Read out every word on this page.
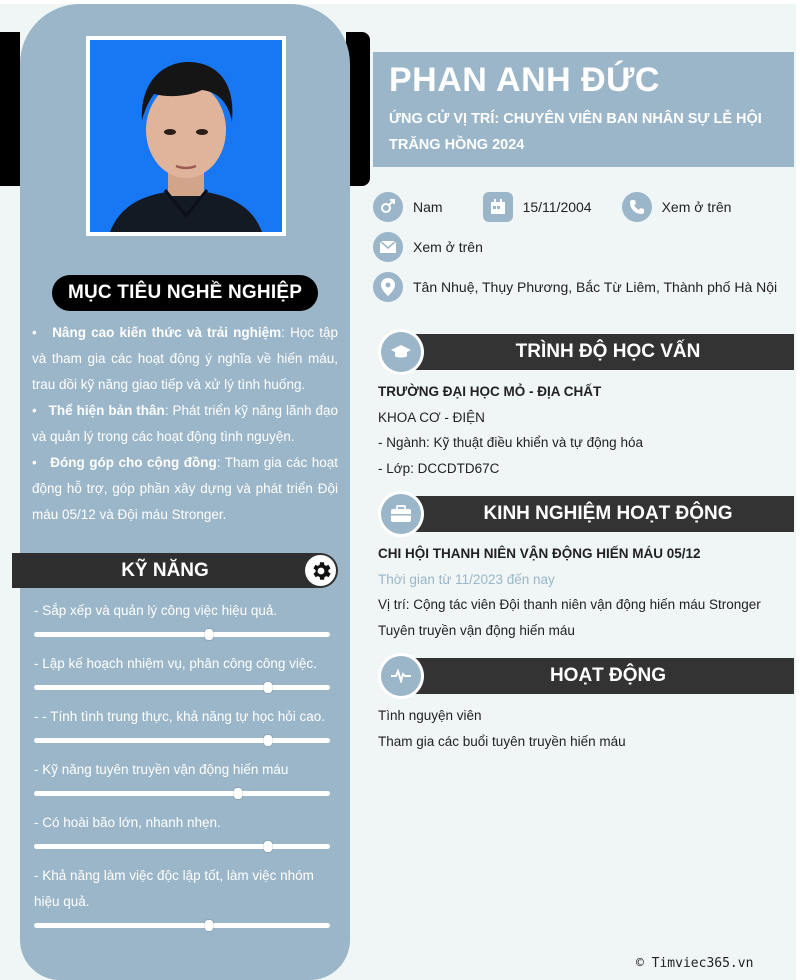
MỤC TIÊU NGHỀ NGHIỆP

•   Nâng cao kiến thức và trải nghiệm: Học tập và tham gia các hoạt động ý nghĩa về hiến máu, trau dồi kỹ năng giao tiếp và xử lý tình huống.

•   Thể hiện bản thân: Phát triển kỹ năng lãnh đạo và quản lý trong các hoạt động tình nguyện.

•   Đóng góp cho cộng đồng: Tham gia các hoạt động hỗ trợ, góp phần xây dựng và phát triển Đội máu 05/12 và Đội máu Stronger.

KỸ NĂNG
- Sắp xếp và quản lý công việc hiệu quả.
- Lập kế hoạch nhiệm vụ, phân công công việc.
- - Tính tình trung thực, khả năng tự học hỏi cao.
- Kỹ năng tuyên truyền vận động hiến máu
- Có hoài bão lớn, nhanh nhẹn.
- Khả năng làm việc độc lập tốt, làm việc nhóm hiệu quả.
PHAN ANH ĐỨC
ỨNG CỬ VỊ TRÍ: CHUYÊN VIÊN BAN NHÂN SỰ LỄ HỘI TRĂNG HỒNG 2024
Nam	15/11/2004	Xem ở trên
Xem ở trên
Tân Nhuệ, Thụy Phương, Bắc Từ Liêm, Thành phố Hà Nội
TRÌNH ĐỘ HỌC VẤN
TRƯỜNG ĐẠI HỌC MỎ - ĐỊA CHẤT
KHOA CƠ - ĐIỆN
- Ngành: Kỹ thuật điều khiển và tự động hóa
- Lớp: DCCDTD67C
KINH NGHIỆM HOẠT ĐỘNG
CHI HỘI THANH NIÊN VẬN ĐỘNG HIẾN MÁU 05/12
Thời gian từ 11/2023 đến nay
Vị trí: Cộng tác viên Đội thanh niên vận động hiến máu Stronger
Tuyên truyền vận động hiến máu
HOẠT ĐỘNG
Tình nguyện viên
Tham gia các buổi tuyên truyền hiến máu
© Timviec365.vn
